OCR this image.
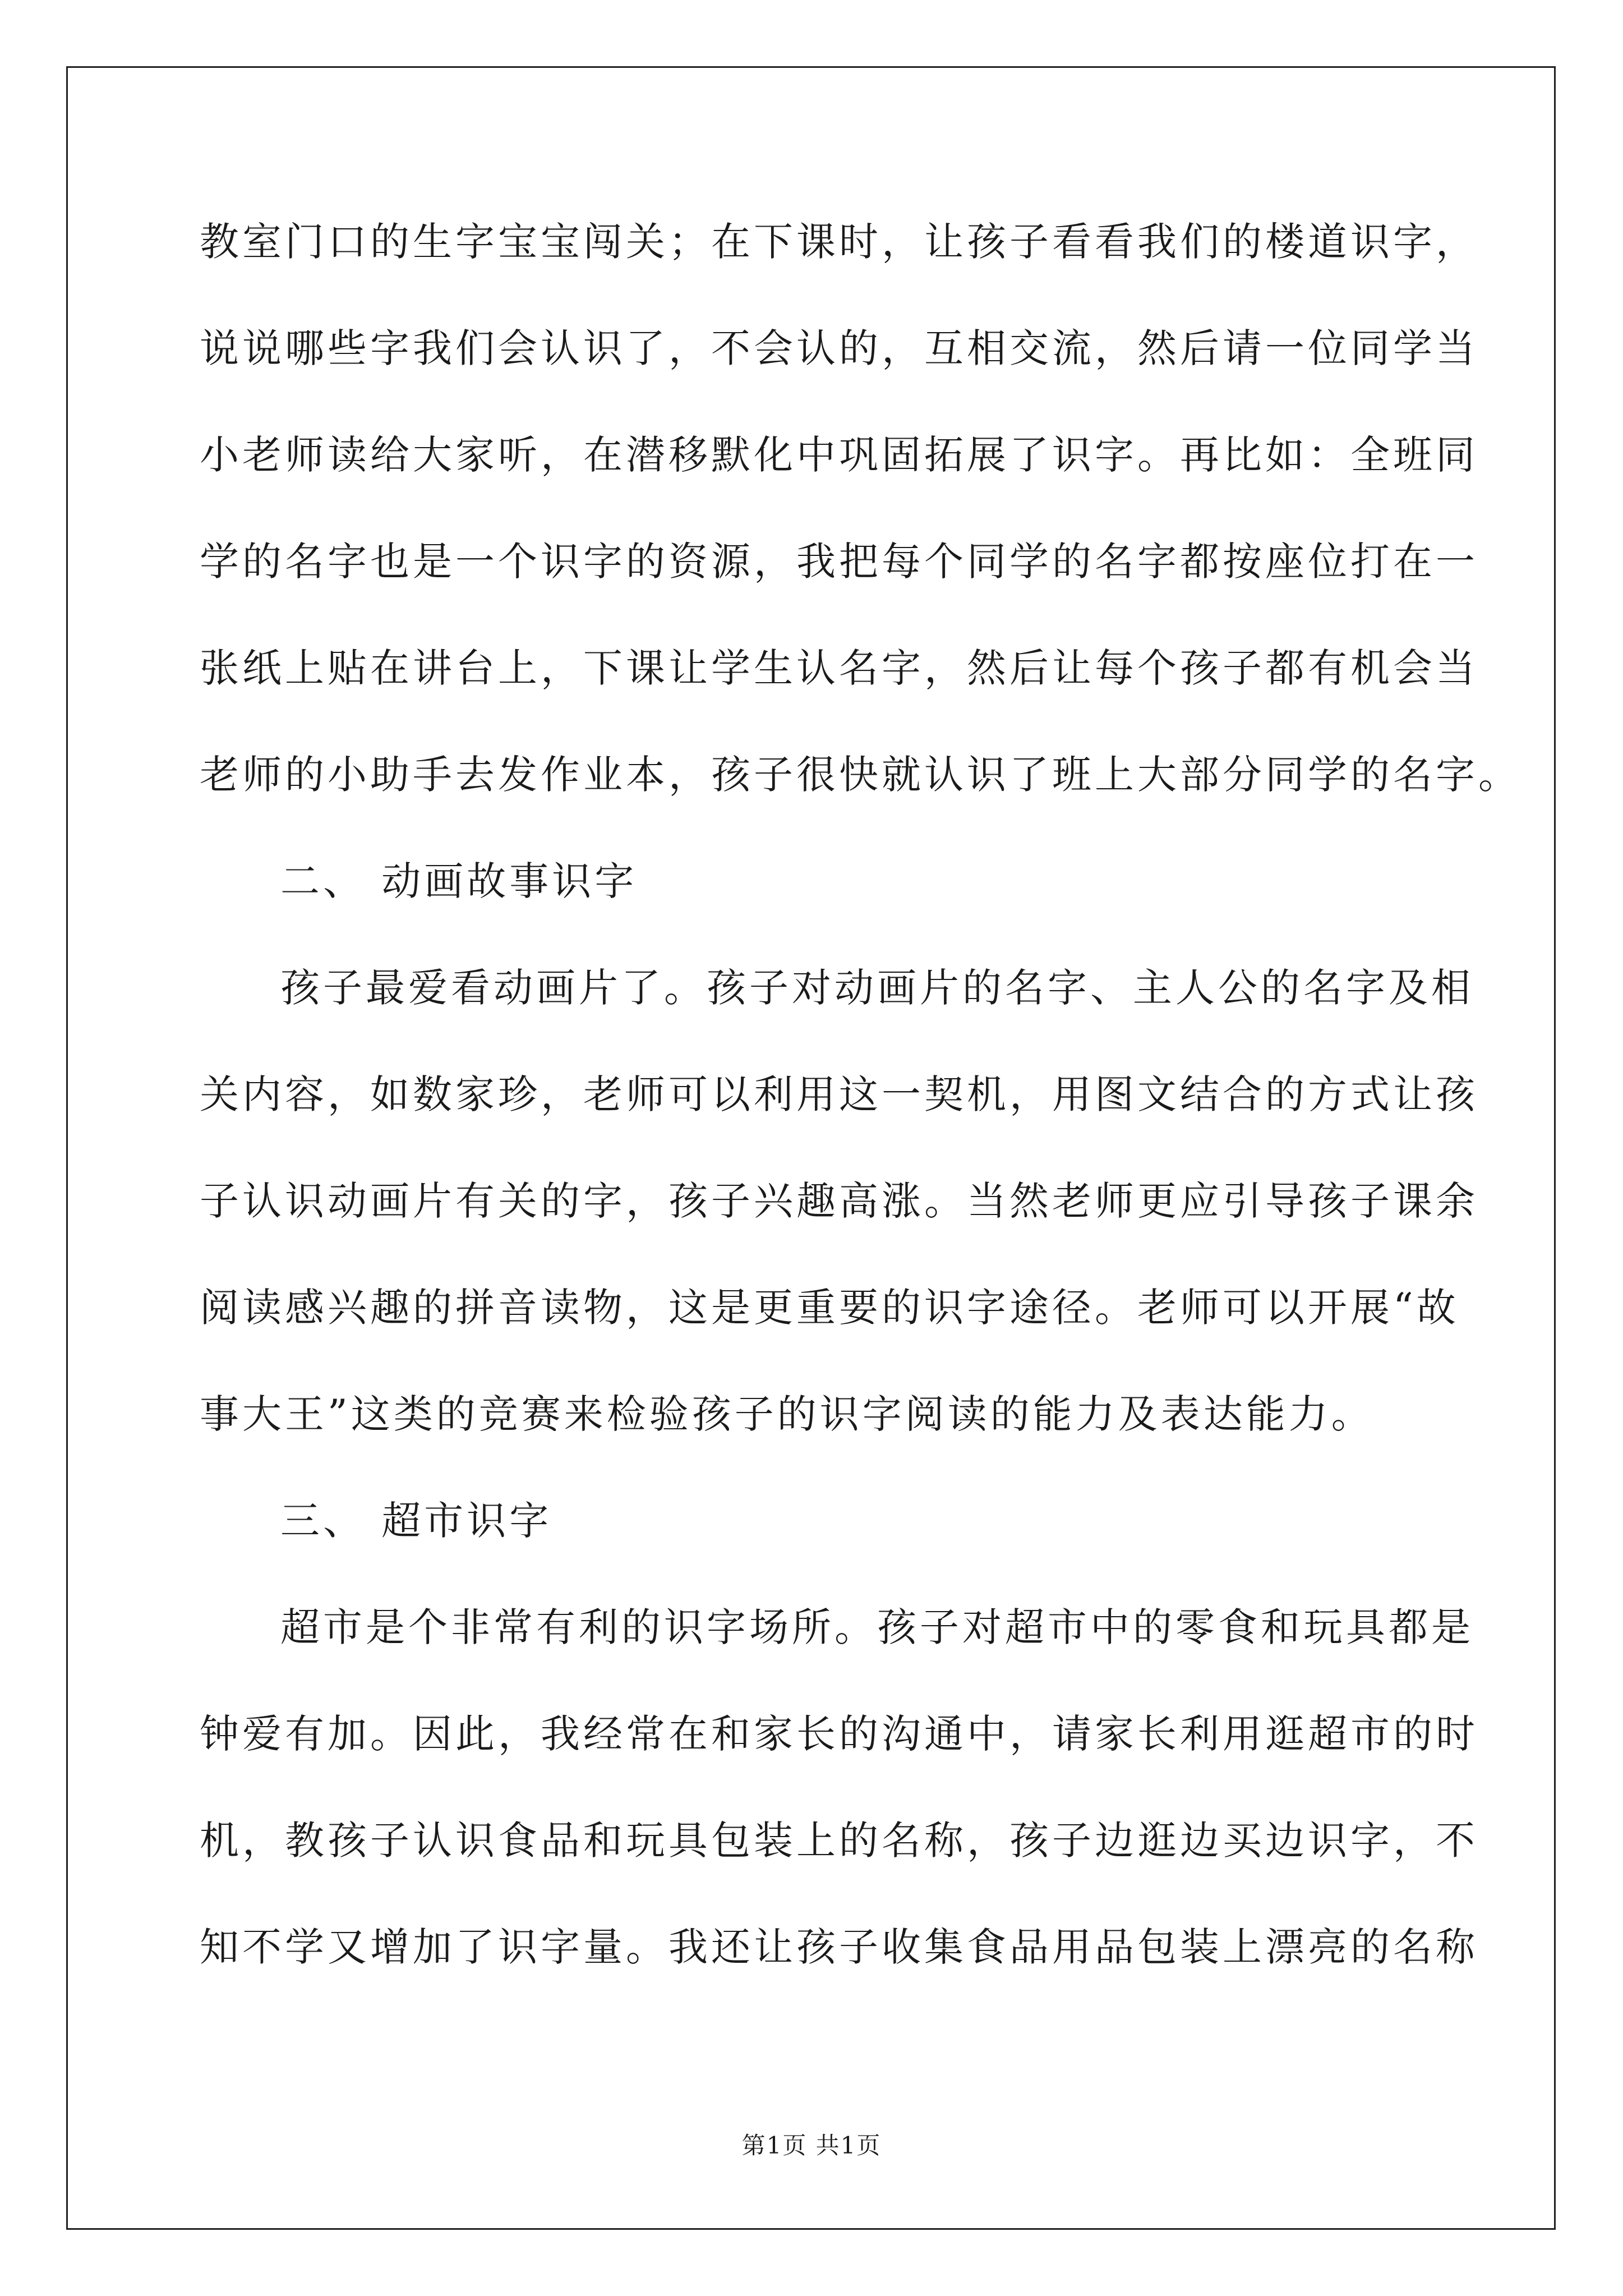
教室门口的生字宝宝闯关；在下课时，让孩子看看我们的楼道识字，
说说哪些字我们会认识了，不会认的，互相交流，然后请一位同学当
小老师读给大家听，在潜移默化中巩固拓展了识字。再比如：全班同
学的名字也是一个识字的资源，我把每个同学的名字都按座位打在一
张纸上贴在讲台上，下课让学生认名字，然后让每个孩子都有机会当
老师的小助手去发作业本，孩子很快就认识了班上大部分同学的名字。
二、 动画故事识字
孩子最爱看动画片了。孩子对动画片的名字、主人公的名字及相
关内容，如数家珍，老师可以利用这一契机，用图文结合的方式让孩
子认识动画片有关的字，孩子兴趣高涨。当然老师更应引导孩子课余
阅读感兴趣的拼音读物，这是更重要的识字途径。老师可以开展“故
事大王”这类的竞赛来检验孩子的识字阅读的能力及表达能力。
三、 超市识字
超市是个非常有利的识字场所。孩子对超市中的零食和玩具都是
钟爱有加。因此，我经常在和家长的沟通中，请家长利用逛超市的时
机，教孩子认识食品和玩具包装上的名称，孩子边逛边买边识字，不
知不学又增加了识字量。我还让孩子收集食品用品包装上漂亮的名称
第1页 共1页
